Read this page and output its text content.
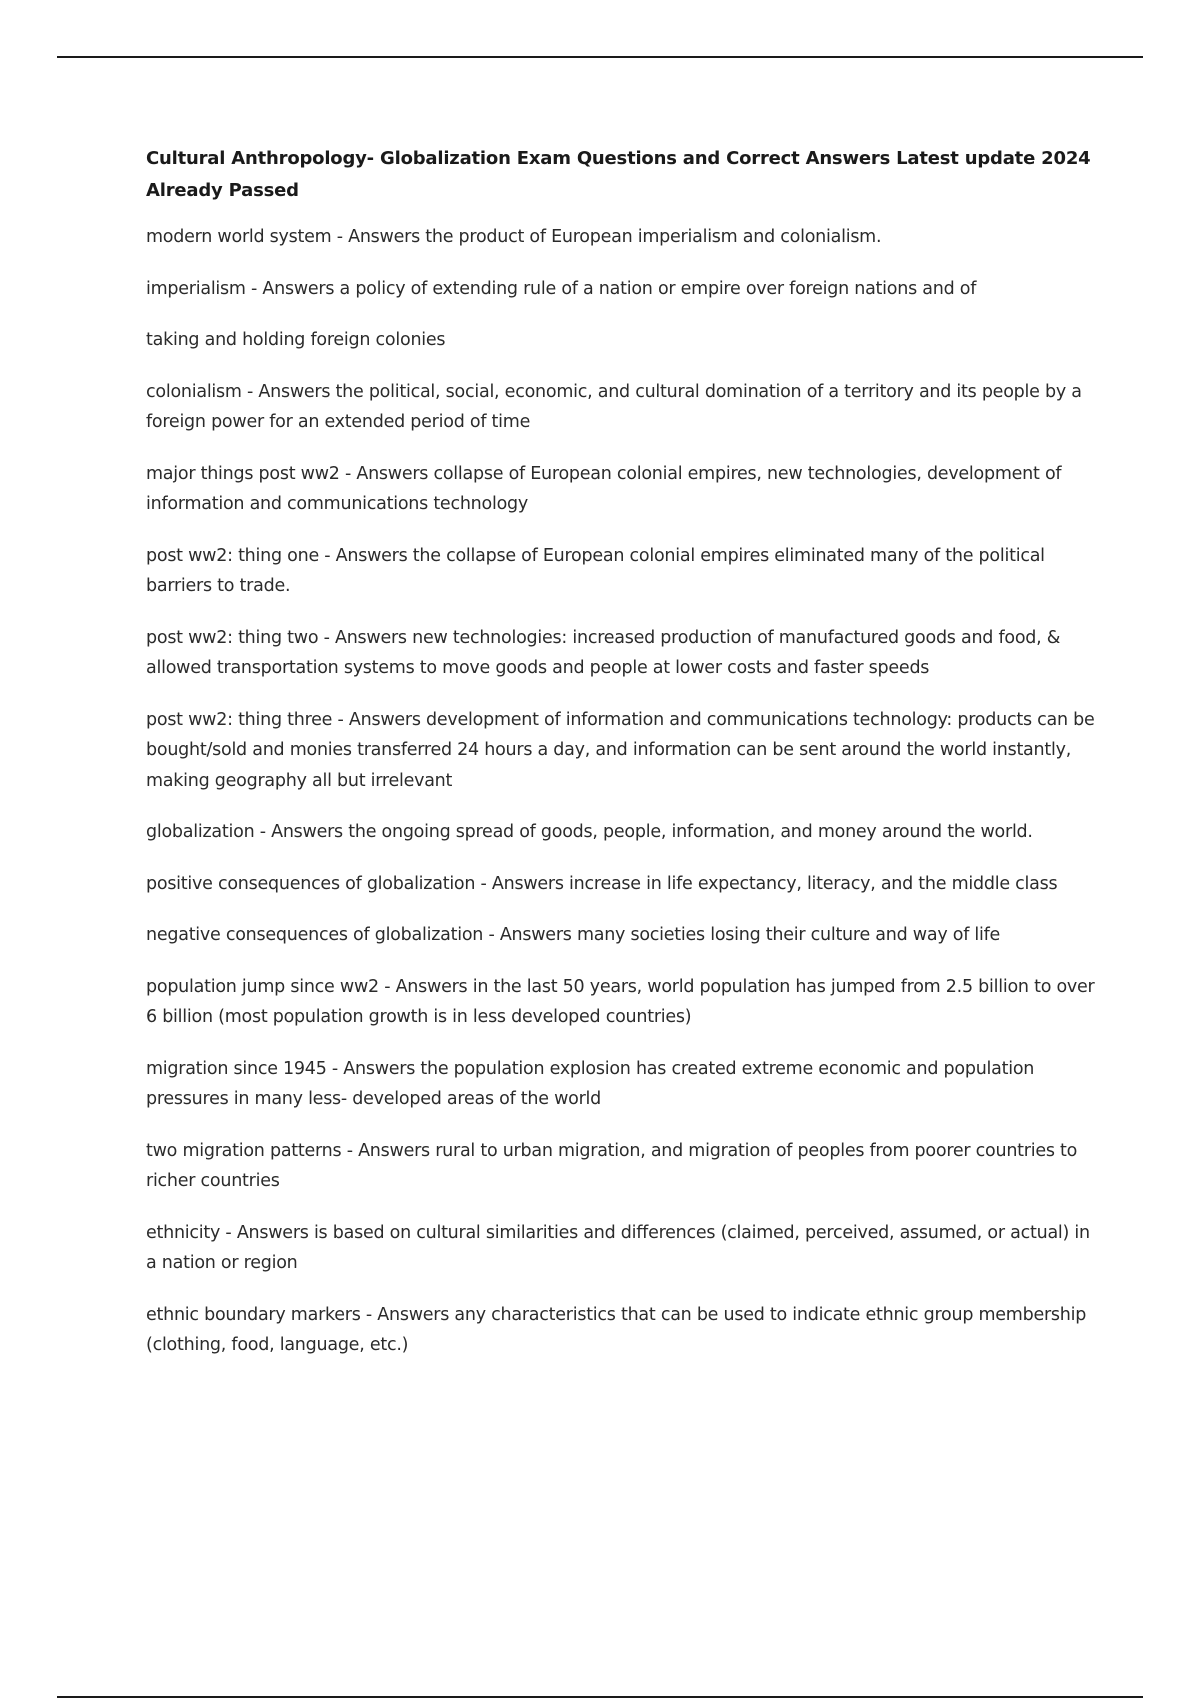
Cultural Anthropology- Globalization Exam Questions and Correct Answers Latest update 2024
Already Passed

modern world system - Answers the product of European imperialism and colonialism.

imperialism - Answers a policy of extending rule of a nation or empire over foreign nations and of

taking and holding foreign colonies

colonialism - Answers the political, social, economic, and cultural domination of a territory and its people by a foreign power for an extended period of time

major things post ww2 - Answers collapse of European colonial empires, new technologies, development of information and communications technology

post ww2: thing one - Answers the collapse of European colonial empires eliminated many of the political barriers to trade.

post ww2: thing two - Answers new technologies: increased production of manufactured goods and food, & allowed transportation systems to move goods and people at lower costs and faster speeds

post ww2: thing three - Answers development of information and communications technology: products can be bought/sold and monies transferred 24 hours a day, and information can be sent around the world instantly, making geography all but irrelevant

globalization - Answers the ongoing spread of goods, people, information, and money around the world.

positive consequences of globalization - Answers increase in life expectancy, literacy, and the middle class

negative consequences of globalization - Answers many societies losing their culture and way of life

population jump since ww2 - Answers in the last 50 years, world population has jumped from 2.5 billion to over 6 billion (most population growth is in less developed countries)

migration since 1945 - Answers the population explosion has created extreme economic and population pressures in many less- developed areas of the world

two migration patterns - Answers rural to urban migration, and migration of peoples from poorer countries to richer countries

ethnicity - Answers is based on cultural similarities and differences (claimed, perceived, assumed, or actual) in a nation or region

ethnic boundary markers - Answers any characteristics that can be used to indicate ethnic group membership (clothing, food, language, etc.)
